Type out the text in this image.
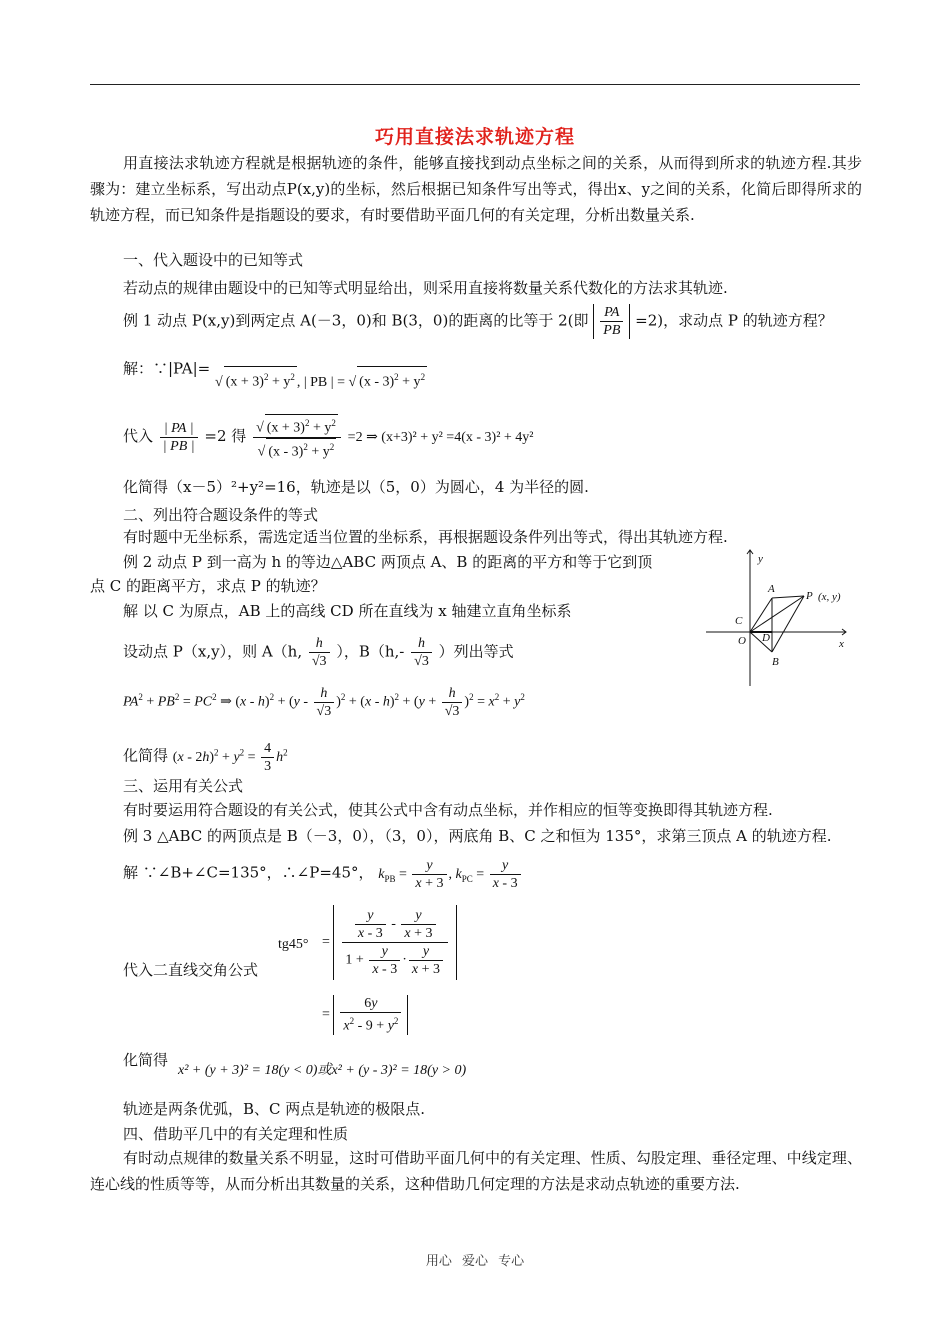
巧用直接法求轨迹方程
用直接法求轨迹方程就是根据轨迹的条件，能够直接找到动点坐标之间的关系，从而得到所求的轨迹方程.其步骤为：建立坐标系，写出动点P(x,y)的坐标，然后根据已知条件写出等式，得出x、y之间的关系，化简后即得所求的轨迹方程，而已知条件是指题设的要求，有时要借助平面几何的有关定理，分析出数量关系.
一、代入题设中的已知等式
若动点的规律由题设中的已知等式明显给出，则采用直接将数量关系代数化的方法求其轨迹.
例 1 动点 P(x,y)到两定点 A(－3，0)和 B(3，0)的距离的比等于 2(即 $\frac{PA}{PB} =2$)，求动点 P 的轨迹方程？
解：∵|PA|= √ $(x + 3)^2 + y^2$ , | PB | = √ $(x - 3)^2 + y^2$
代入 $\frac{| PA |}{| PB |} =2$ 得 $\frac{√ (x + 3)^2 + y^2}{√ (x - 3)^2 + y^2} =2$ ⇒ (x+3)² + y² =4(x - 3)² + 4y²
化简得（x－5）²+y²=16，轨迹是以（5，0）为圆心，4 为半径的圆.
二、列出符合题设条件的等式
有时题中无坐标系，需选定适当位置的坐标系，再根据题设条件列出等式，得出其轨迹方程.
例 2 动点 P 到一高为 h 的等边△ABC 两顶点 A、B 的距离的平方和等于它到顶
点 C 的距离平方，求点 P 的轨迹？
解 以 C 为原点，AB 上的高线 CD 所在直线为 x 轴建立直角坐标系
设动点 P（x,y），则 A（h, $\frac{h}{√3}$ ），$B(h,- \frac{h}{√3}$ ）列出等式
$PA^2 + PB^2 = PC^2$ ⇒ $(x - h)^2 + (y - \frac{h}{√3} )^2 + (x - h)^2 + (y + \frac{h}{√3} )^2 = x^2 + y^2$
化简得 $(x - 2h)^2 + y^2 = \frac{4}{3} h^2$
三、运用有关公式
有时要运用符合题设的有关公式，使其公式中含有动点坐标，并作相应的恒等变换即得其轨迹方程.
例 3 △ABC 的两顶点是 B（－3，0），（3，0），两底角 B、C 之和恒为 135°，求第三顶点 A 的轨迹方程.
解 ∵∠B+∠C=135°，∴∠P=45°， $k_{PB} = \frac{y}{x + 3}$ , $k_{PC} = \frac{y}{x - 3}$
tg45° =
$\frac{y}{x - 3} - \frac{y}{x + 3}$
$1 + \frac{y}{x - 3} \cdot \frac{y}{x + 3}$
代入二直线交角公式
= $\frac{6y}{x^2 - 9 + y^2}$
化简得
x² + (y + 3)² = 18(y < 0)或x² + (y - 3)² = 18(y > 0)
轨迹是两条优弧，B、C 两点是轨迹的极限点.
四、借助平几中的有关定理和性质
有时动点规律的数量关系不明显，这时可借助平面几何中的有关定理、性质、勾股定理、垂径定理、中线定理、连心线的性质等等，从而分析出其数量的关系，这种借助几何定理的方法是求动点轨迹的重要方法.
y
x
A
P (x, y)
C
O D
B
用心 爱心 专心
